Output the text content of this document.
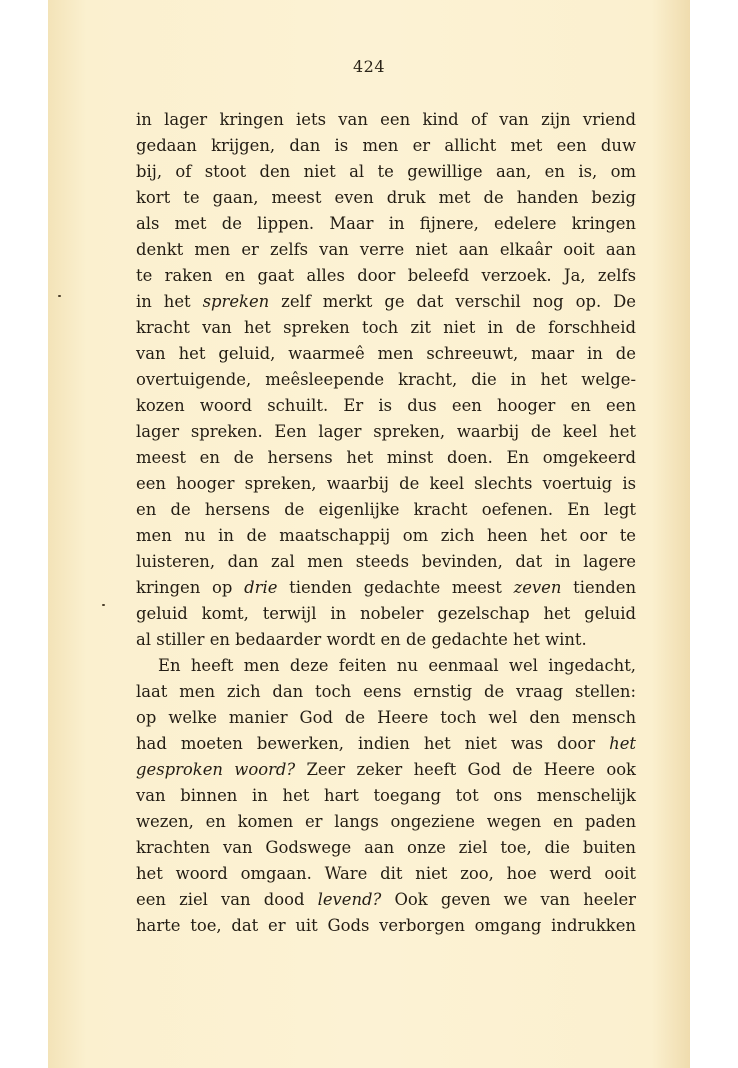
424
in lager kringen iets van een kind of van zijn vriend
gedaan krijgen, dan is men er allicht met een duw
bij, of stoot den niet al te gewillige aan, en is, om
kort te gaan, meest even druk met de handen bezig
als met de lippen. Maar in fijnere, edelere kringen
denkt men er zelfs van verre niet aan elkaâr ooit aan
te raken en gaat alles door beleefd verzoek. Ja, zelfs
in het spreken zelf merkt ge dat verschil nog op. De
kracht van het spreken toch zit niet in de forschheid
van het geluid, waarmeê men schreeuwt, maar in de
overtuigende, meêsleepende kracht, die in het welge-
kozen woord schuilt. Er is dus een hooger en een
lager spreken. Een lager spreken, waarbij de keel het
meest en de hersens het minst doen. En omgekeerd
een hooger spreken, waarbij de keel slechts voertuig is
en de hersens de eigenlijke kracht oefenen. En legt
men nu in de maatschappij om zich heen het oor te
luisteren, dan zal men steeds bevinden, dat in lagere
kringen op drie tienden gedachte meest zeven tienden
geluid komt, terwijl in nobeler gezelschap het geluid
al stiller en bedaarder wordt en de gedachte het wint.
En heeft men deze feiten nu eenmaal wel ingedacht,
laat men zich dan toch eens ernstig de vraag stellen:
op welke manier God de Heere toch wel den mensch
had moeten bewerken, indien het niet was door het
gesproken woord? Zeer zeker heeft God de Heere ook
van binnen in het hart toegang tot ons menschelijk
wezen, en komen er langs ongeziene wegen en paden
krachten van Godswege aan onze ziel toe, die buiten
het woord omgaan. Ware dit niet zoo, hoe werd ooit
een ziel van dood levend? Ook geven we van heeler
harte toe, dat er uit Gods verborgen omgang indrukken
